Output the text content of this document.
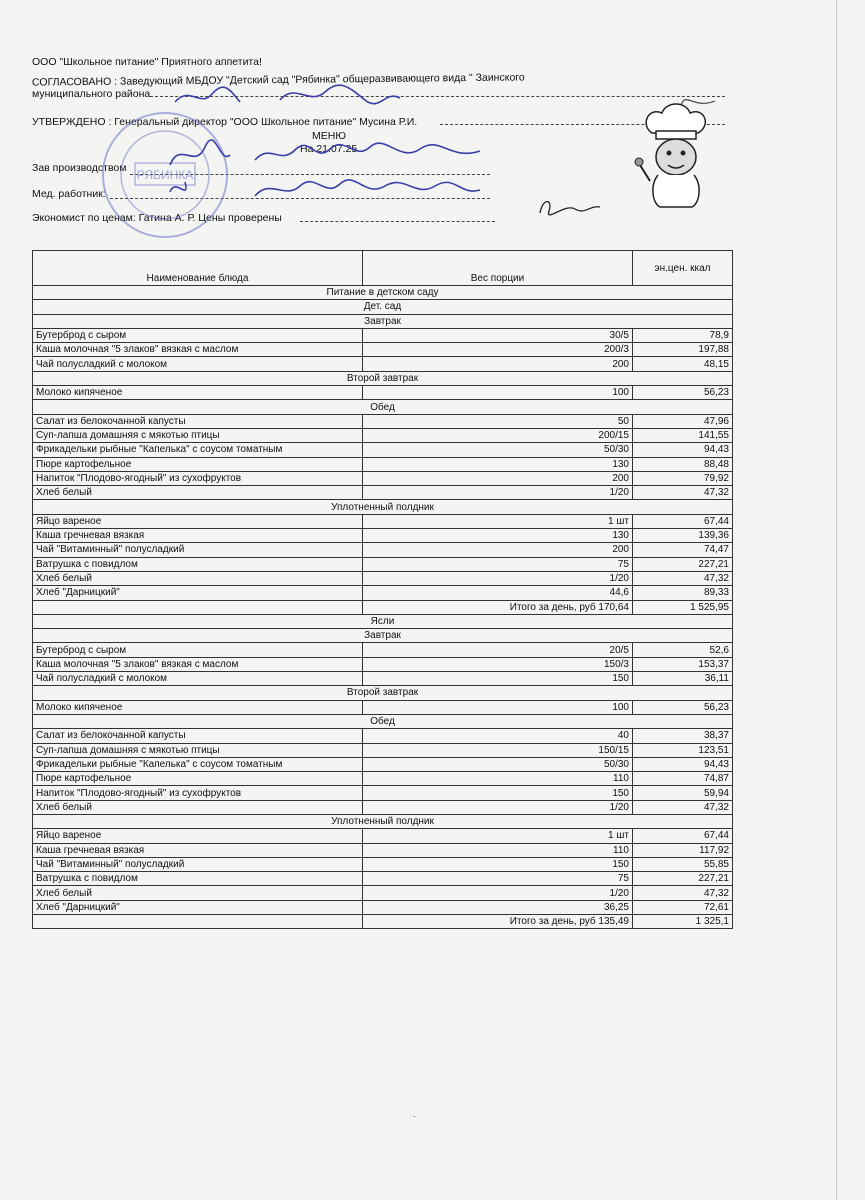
ООО "Школьное питание" Приятного аппетита!
СОГЛАСОВАНО : Заведующий МБДОУ "Детский сад "Рябинка" общеразвивающего вида " Заинского
муниципального района
УТВЕРЖДЕНО : Генеральный директор "ООО Школьное питание" Мусина Р.И.
МЕНЮ
На 21.07.25
Зав производством
Мед. работник:
Экономист по ценам: Гатина А. Р. Цены проверены
РЯБИНКА
Наименование блюда	Вес порции	эн.цен. ккал
Питание в детском саду		
Дет. сад		
Завтрак		
Бутерброд с сыром	30/5	78,9
Каша молочная "5 злаков" вязкая с маслом	200/3	197,88
Чай полусладкий с молоком	200	48,15
Второй завтрак		
Молоко кипяченое	100	56,23
Обед		
Салат из белокочанной капусты	50	47,96
Суп-лапша домашняя с мякотью птицы	200/15	141,55
Фрикадельки рыбные "Капелька" с соусом томатным	50/30	94,43
Пюре картофельное	130	88,48
Напиток "Плодово-ягодный" из сухофруктов	200	79,92
Хлеб белый	1/20	47,32
Уплотненный полдник		
Яйцо вареное	1 шт	67,44
Каша гречневая вязкая	130	139,36
Чай "Витаминный" полусладкий	200	74,47
Ватрушка с повидлом	75	227,21
Хлеб белый	1/20	47,32
Хлеб "Дарницкий"	44,6	89,33
	Итого за день, руб 170,64	1 525,95
Ясли		
Завтрак		
Бутерброд с сыром	20/5	52,6
Каша молочная "5 злаков" вязкая с маслом	150/3	153,37
Чай полусладкий с молоком	150	36,11
Второй завтрак		
Молоко кипяченое	100	56,23
Обед		
Салат из белокочанной капусты	40	38,37
Суп-лапша домашняя с мякотью птицы	150/15	123,51
Фрикадельки рыбные "Капелька" с соусом томатным	50/30	94,43
Пюре картофельное	110	74,87
Напиток "Плодово-ягодный" из сухофруктов	150	59,94
Хлеб белый	1/20	47,32
Уплотненный полдник		
Яйцо вареное	1 шт	67,44
Каша гречневая вязкая	110	117,92
Чай "Витаминный" полусладкий	150	55,85
Ватрушка с повидлом	75	227,21
Хлеб белый	1/20	47,32
Хлеб "Дарницкий"	36,25	72,61
	Итого за день, руб 135,49	1 325,1
·
